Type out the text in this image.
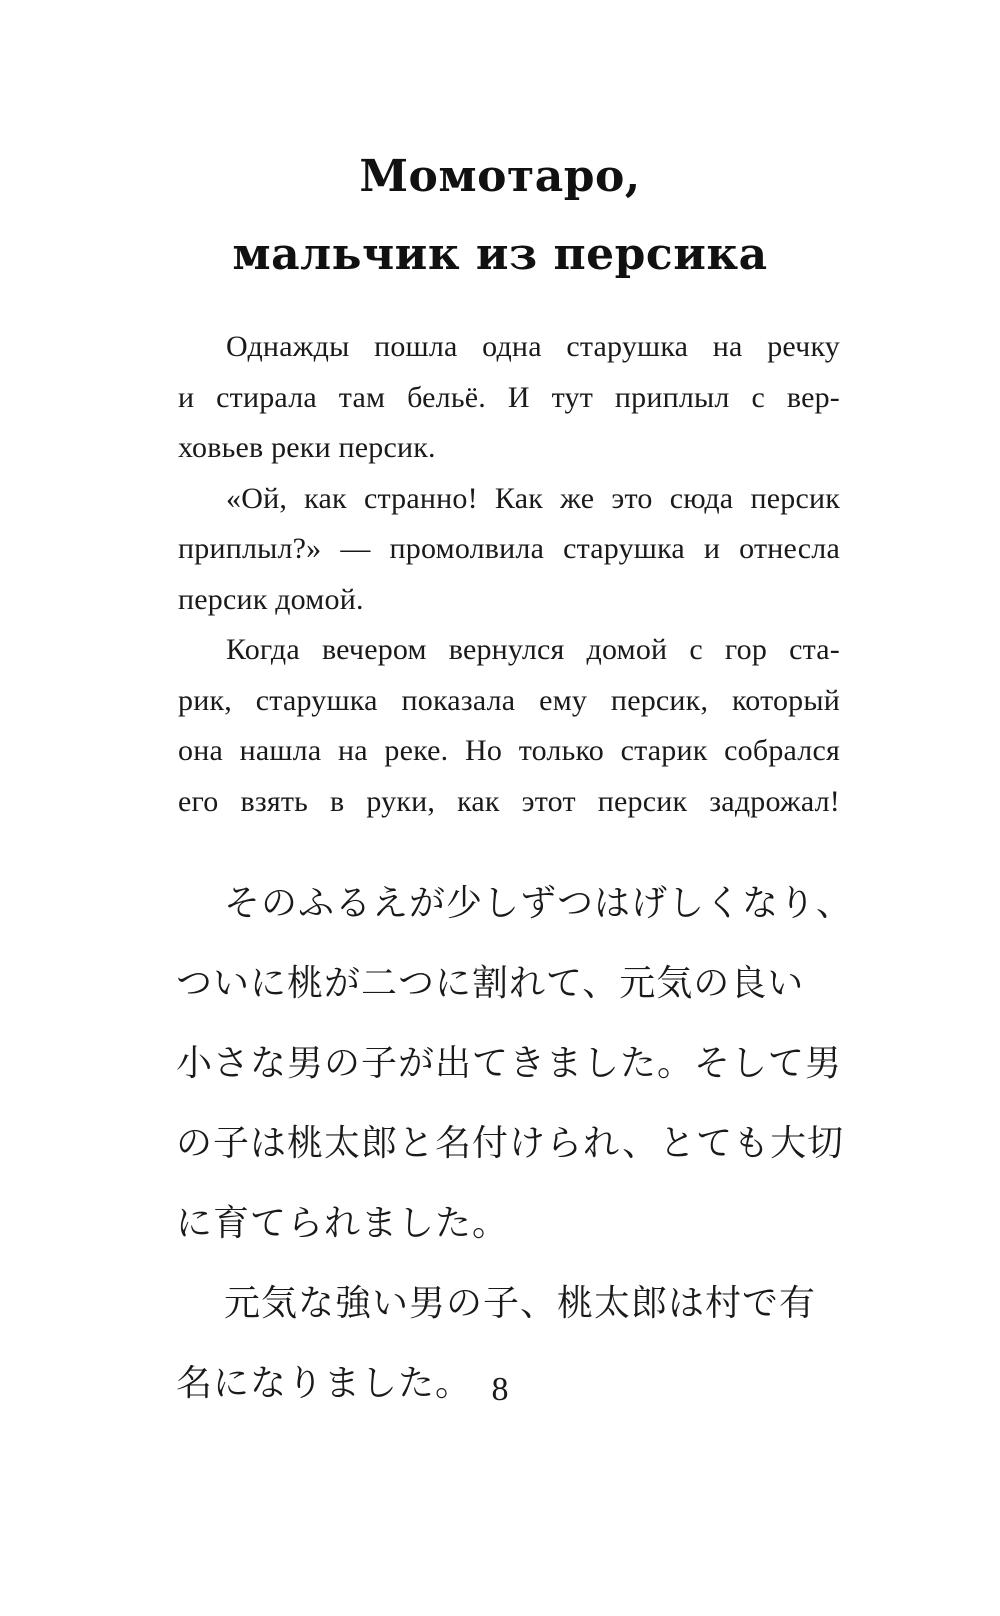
Момотаро,
мальчик из персика
Однажды пошла одна старушка на речку
и стирала там бельё. И тут приплыл с вер-
ховьев реки персик.
«Ой, как странно! Как же это сюда персик
приплыл?» — промолвила старушка и отнесла
персик домой.
Когда вечером вернулся домой с гор ста-
рик, старушка показала ему персик, который
она нашла на реке. Но только старик собрался
его взять в руки, как этот персик задрожал!
そのふるえが少しずつはげしくなり、
ついに桃が二つに割れて、元気の良い
小さな男の子が出てきました。そして男
の子は桃太郎と名付けられ、とても大切
に育てられました。
元気な強い男の子、桃太郎は村で有
名になりました。 8
